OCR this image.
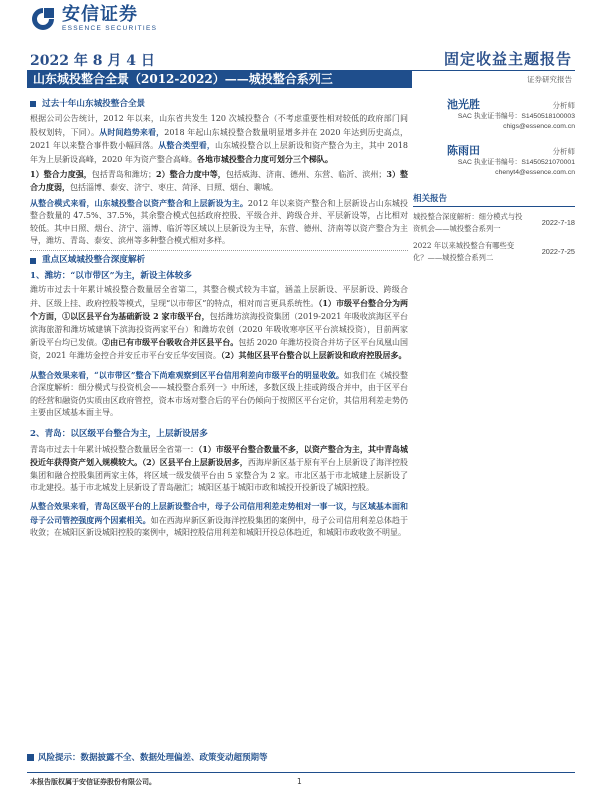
安信证券
ESSENCE SECURITIES
2022 年 8 月 4 日	固定收益主题报告
山东城投整合全景（2012-2022）——城投整合系列三	证券研究报告
过去十年山东城投整合全景

根据公司公告统计，2012 年以来，山东省共发生 120 次城投整合（不考虑重要性相对较低的政府部门间股权划转，下同）。从时间趋势来看，2018 年起山东城投整合数量明显增多并在 2020 年达到历史高点，2021 年以来整合事件数小幅回落。从整合类型看，山东城投整合以上层新设和资产整合为主，其中 2018 年为上层新设高峰，2020 年为资产整合高峰。各地市城投整合力度可划分三个梯队。

1）整合力度强，包括青岛和潍坊；2）整合力度中等，包括威海、济南、德州、东营、临沂、滨州；3）整合力度弱，包括淄博、泰安、济宁、枣庄、菏泽、日照、烟台、聊城。

从整合模式来看，山东城投整合以资产整合和上层新设为主。2012 年以来资产整合和上层新设占山东城投整合数量的 47.5%、37.5%，其余整合模式包括政府控股、平级合并、跨级合并、平层新设等，占比相对较低。其中日照、烟台、济宁、淄博、临沂等区域以上层新设为主导，东营、德州、济南等以资产整合为主导，潍坊、青岛、泰安、滨州等多种整合模式相对多样。

重点区域城投整合深度解析
1、潍坊：“以市带区”为主，新设主体较多

潍坊市过去十年累计城投整合数量居全省第二，其整合模式较为丰富，涵盖上层新设、平层新设、跨级合并、区级上挂、政府控股等模式，呈现“以市带区”的特点，相对而言更具系统性。（1）市级平台整合分为两个方面，①以区县平台为基础新设 2 家市级平台，包括潍坊滨海投资集团（2019-2021 年吸收滨海区平台滨海旅游和潍坊城建镇下滨海投资两家平台）和潍坊农创（2020 年吸收寒亭区平台滨城投资），目前两家新设平台均已发债。②由已有市级平台吸收合并区县平台。包括 2020 年潍坊投资合并坊子区平台凤凰山国资，2021 年潍坊金控合并安丘市平台安丘华安国资。（2）其他区县平台整合以上层新设和政府控股居多。

从整合效果来看，“以市带区”整合下尚难观察到区平台信用利差向市级平台的明显收敛。如我们在《城投整合深度解析：细分模式与投资机会——城投整合系列一》中所述，多数区级上挂或跨级合并中，由于区平台的经营和融资仍实质由区政府管控，资本市场对整合后的平台仍倾向于按照区平台定价，其信用利差走势仍主要由区域基本面主导。

2、青岛：以区级平台整合为主，上层新设居多

青岛市过去十年累计城投整合数量居全省第一：（1）市级平台整合数量不多，以资产整合为主，其中青岛城投近年获得资产划入规模较大。（2）区县平台上层新设居多，西海岸新区基于原有平台上层新设了海洋控股集团和融合控股集团两家主体，将区域一级发债平台由 5 家整合为 2 家。市北区基于市北城建上层新设了市北建投。基于市北城发上层新设了青岛融汇；城阳区基于城阳市政和城投开投新设了城阳控股。

从整合效果来看，青岛区级平台的上层新设整合中，母子公司信用利差走势相对一事一议，与区域基本面和母子公司管控强度两个因素相关。如在西海岸新区新设海洋控股集团的案例中，母子公司信用利差总体趋于收敛；在城阳区新设城阳控股的案例中，城阳控股信用利差和城阳开投总体趋近，和城阳市政收敛不明显。

池光胜	分析师
SAC 执业证书编号：S1450518100003
chigs@essence.com.cn
陈雨田	分析师
SAC 执业证书编号：S1450521070001
chenyt4@essence.com.cn
相关报告
城投整合深度解析：细分模式与投资机会——城投整合系列一
2022-7-18
2022 年以来城投整合有哪些变化？——城投整合系列二
2022-7-25
风险提示：数据披露不全、数据处理偏差、政策变动超预期等
本报告版权属于安信证券股份有限公司。	1
